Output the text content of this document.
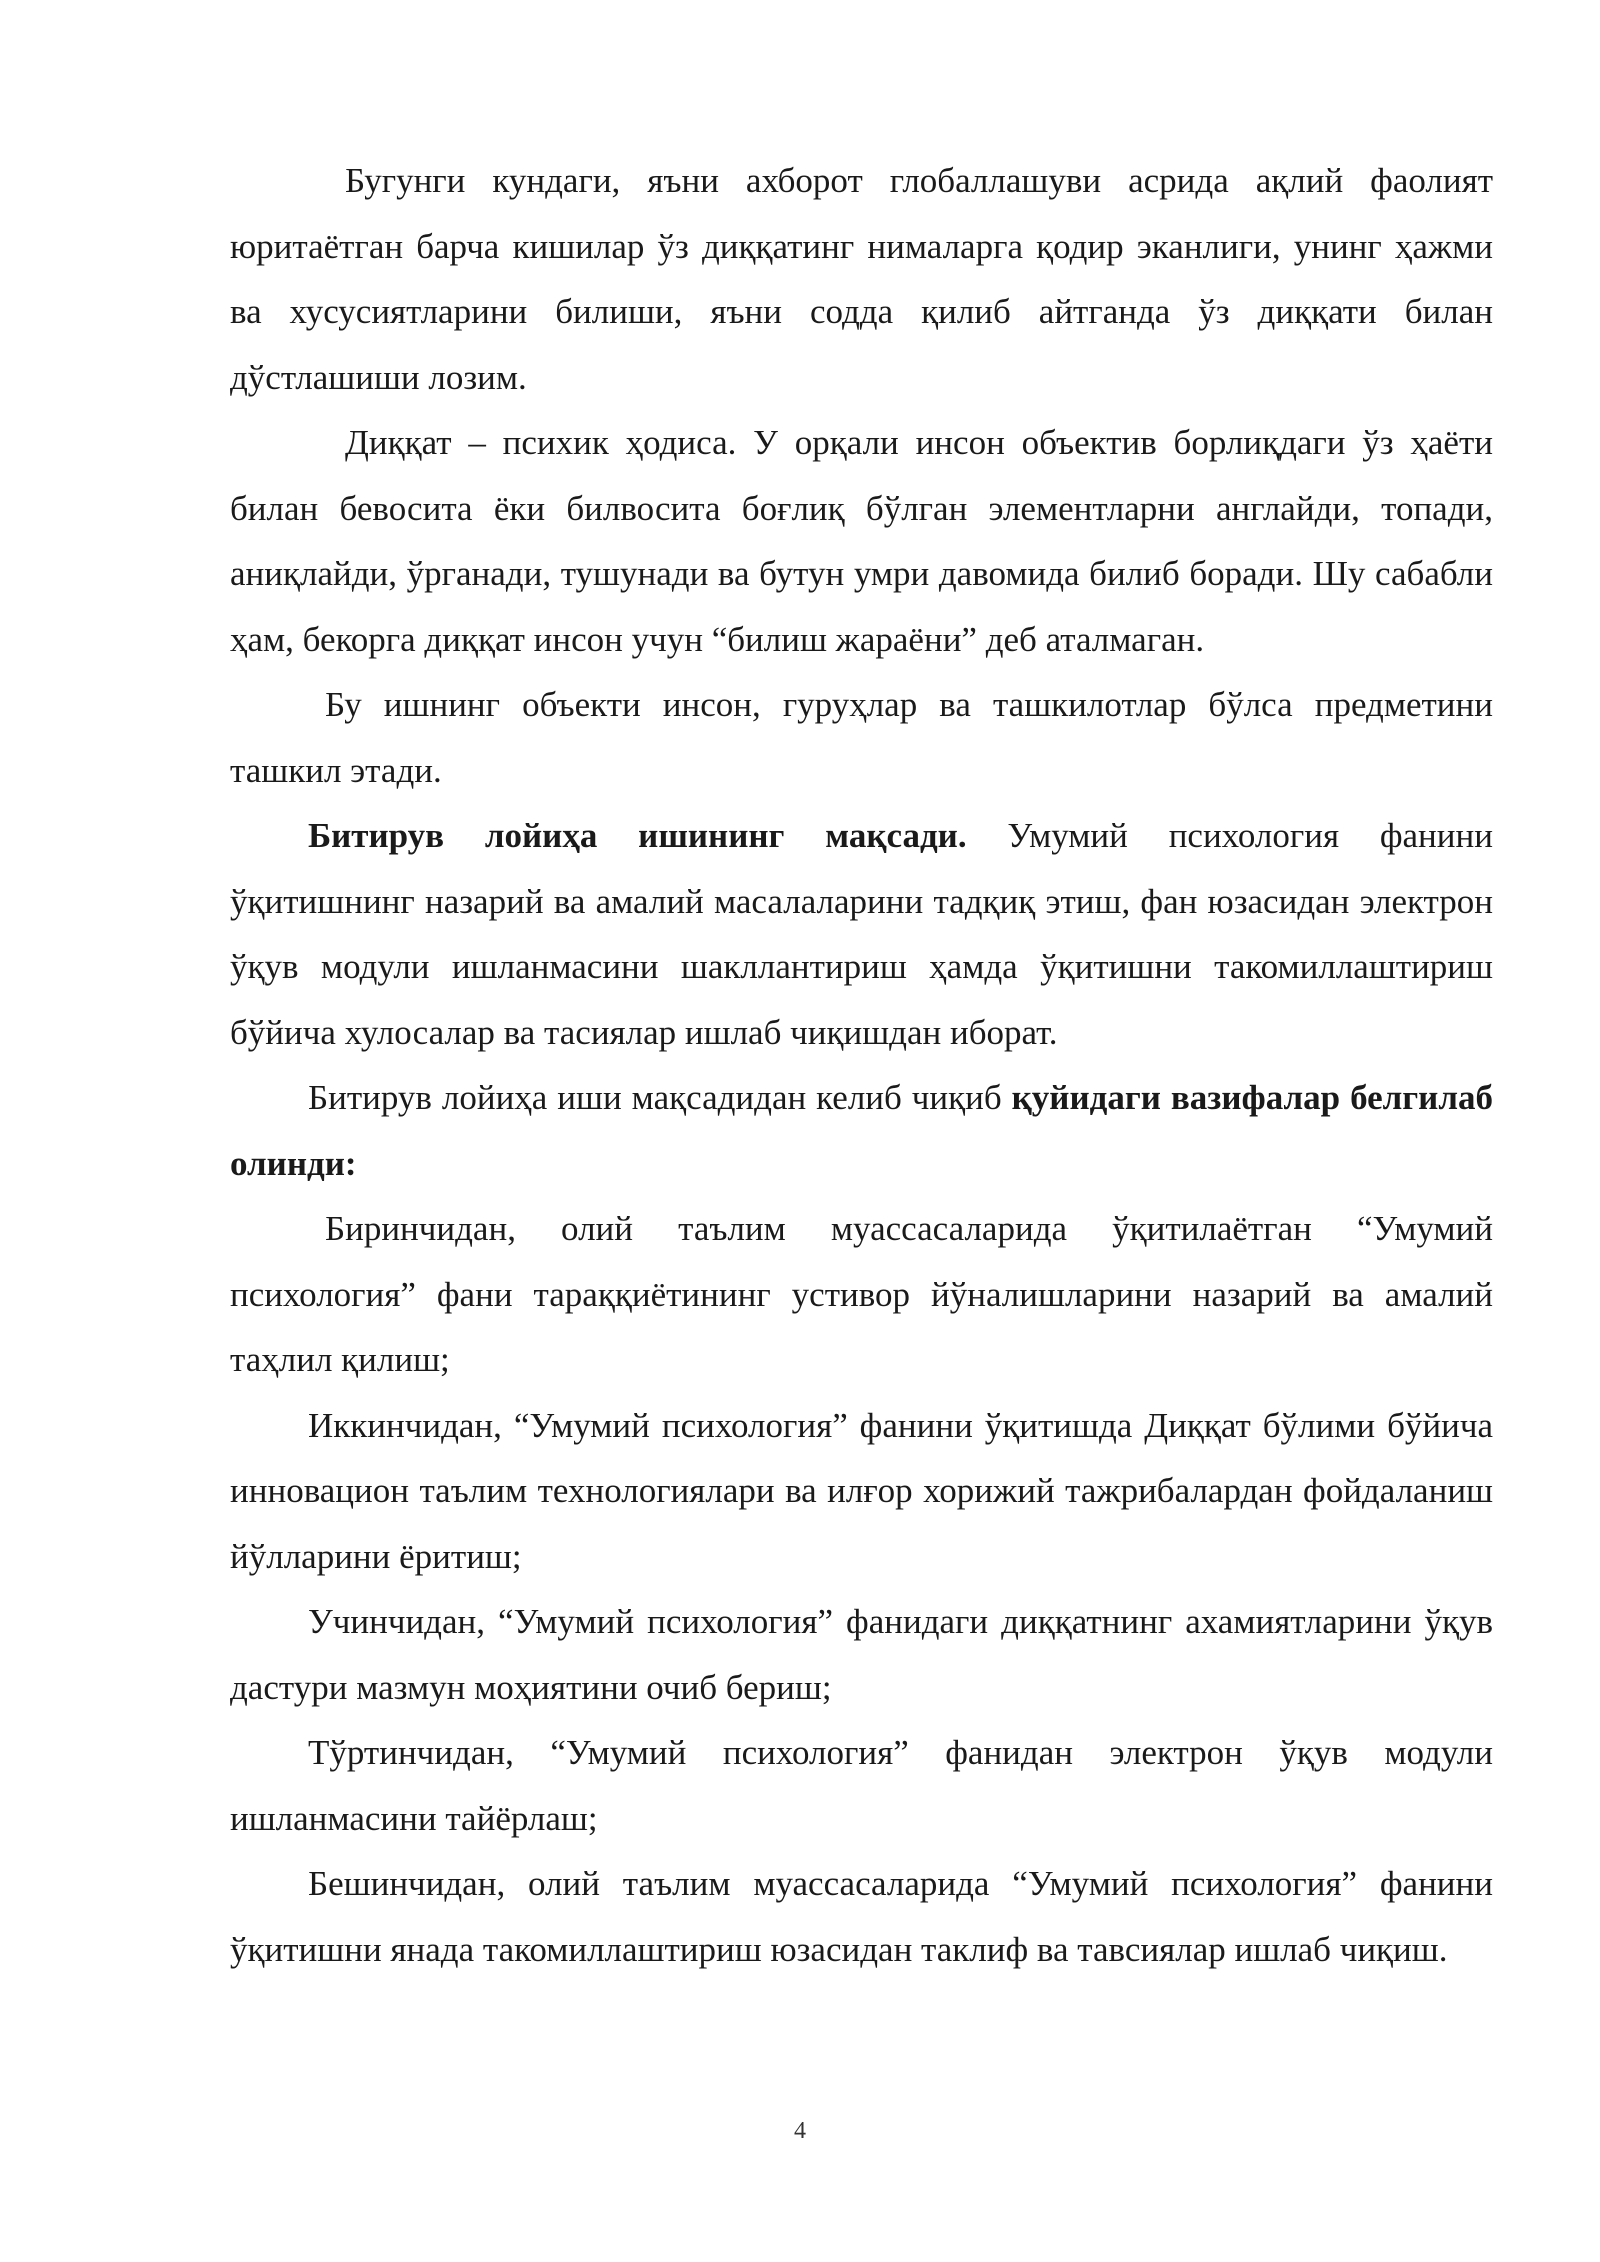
Бугунги кундаги, яъни ахборот глобаллашуви асрида ақлий фаолият юритаётган барча кишилар ўз диққатинг нималарга қодир эканлиги, унинг ҳажми ва хусусиятларини билиши, яъни содда қилиб айтганда ўз диққати билан дўстлашиши лозим.

Диққат – психик ҳодиса. У орқали инсон объектив борлиқдаги ўз ҳаёти билан бевосита ёки билвосита боғлиқ бўлган элементларни англайди, топади, аниқлайди, ўрганади, тушунади ва бутун умри давомида билиб боради. Шу сабабли ҳам, бекорга диққат инсон учун “билиш жараёни” деб аталмаган.

Бу ишнинг объекти инсон, гуруҳлар ва ташкилотлар бўлса предметини ташкил этади.

Битирув лойиҳа ишининг мақсади. Умумий психология фанини ўқитишнинг назарий ва амалий масалаларини тадқиқ этиш, фан юзасидан электрон ўқув модули ишланмасини шакллантириш ҳамда ўқитишни такомиллаштириш бўйича хулосалар ва тасиялар ишлаб чиқишдан иборат.

Битирув лойиҳа иши мақсадидан келиб чиқиб қуйидаги вазифалар белгилаб олинди:

Биринчидан, олий таълим муассасаларида ўқитилаётган “Умумий психология” фани тараққиётининг устивор йўналишларини назарий ва амалий таҳлил қилиш;

Иккинчидан, “Умумий психология” фанини ўқитишда Диққат бўлими бўйича инновацион таълим технологиялари ва илғор хорижий тажрибалардан фойдаланиш йўлларини ёритиш;

Учинчидан, “Умумий психология” фанидаги диққатнинг ахамиятларини ўқув дастури мазмун моҳиятини очиб бериш;

Тўртинчидан, “Умумий психология” фанидан электрон ўқув модули ишланмасини тайёрлаш;

Бешинчидан, олий таълим муассасаларида “Умумий психология” фанини ўқитишни янада такомиллаштириш юзасидан таклиф ва тавсиялар ишлаб чиқиш.

4
